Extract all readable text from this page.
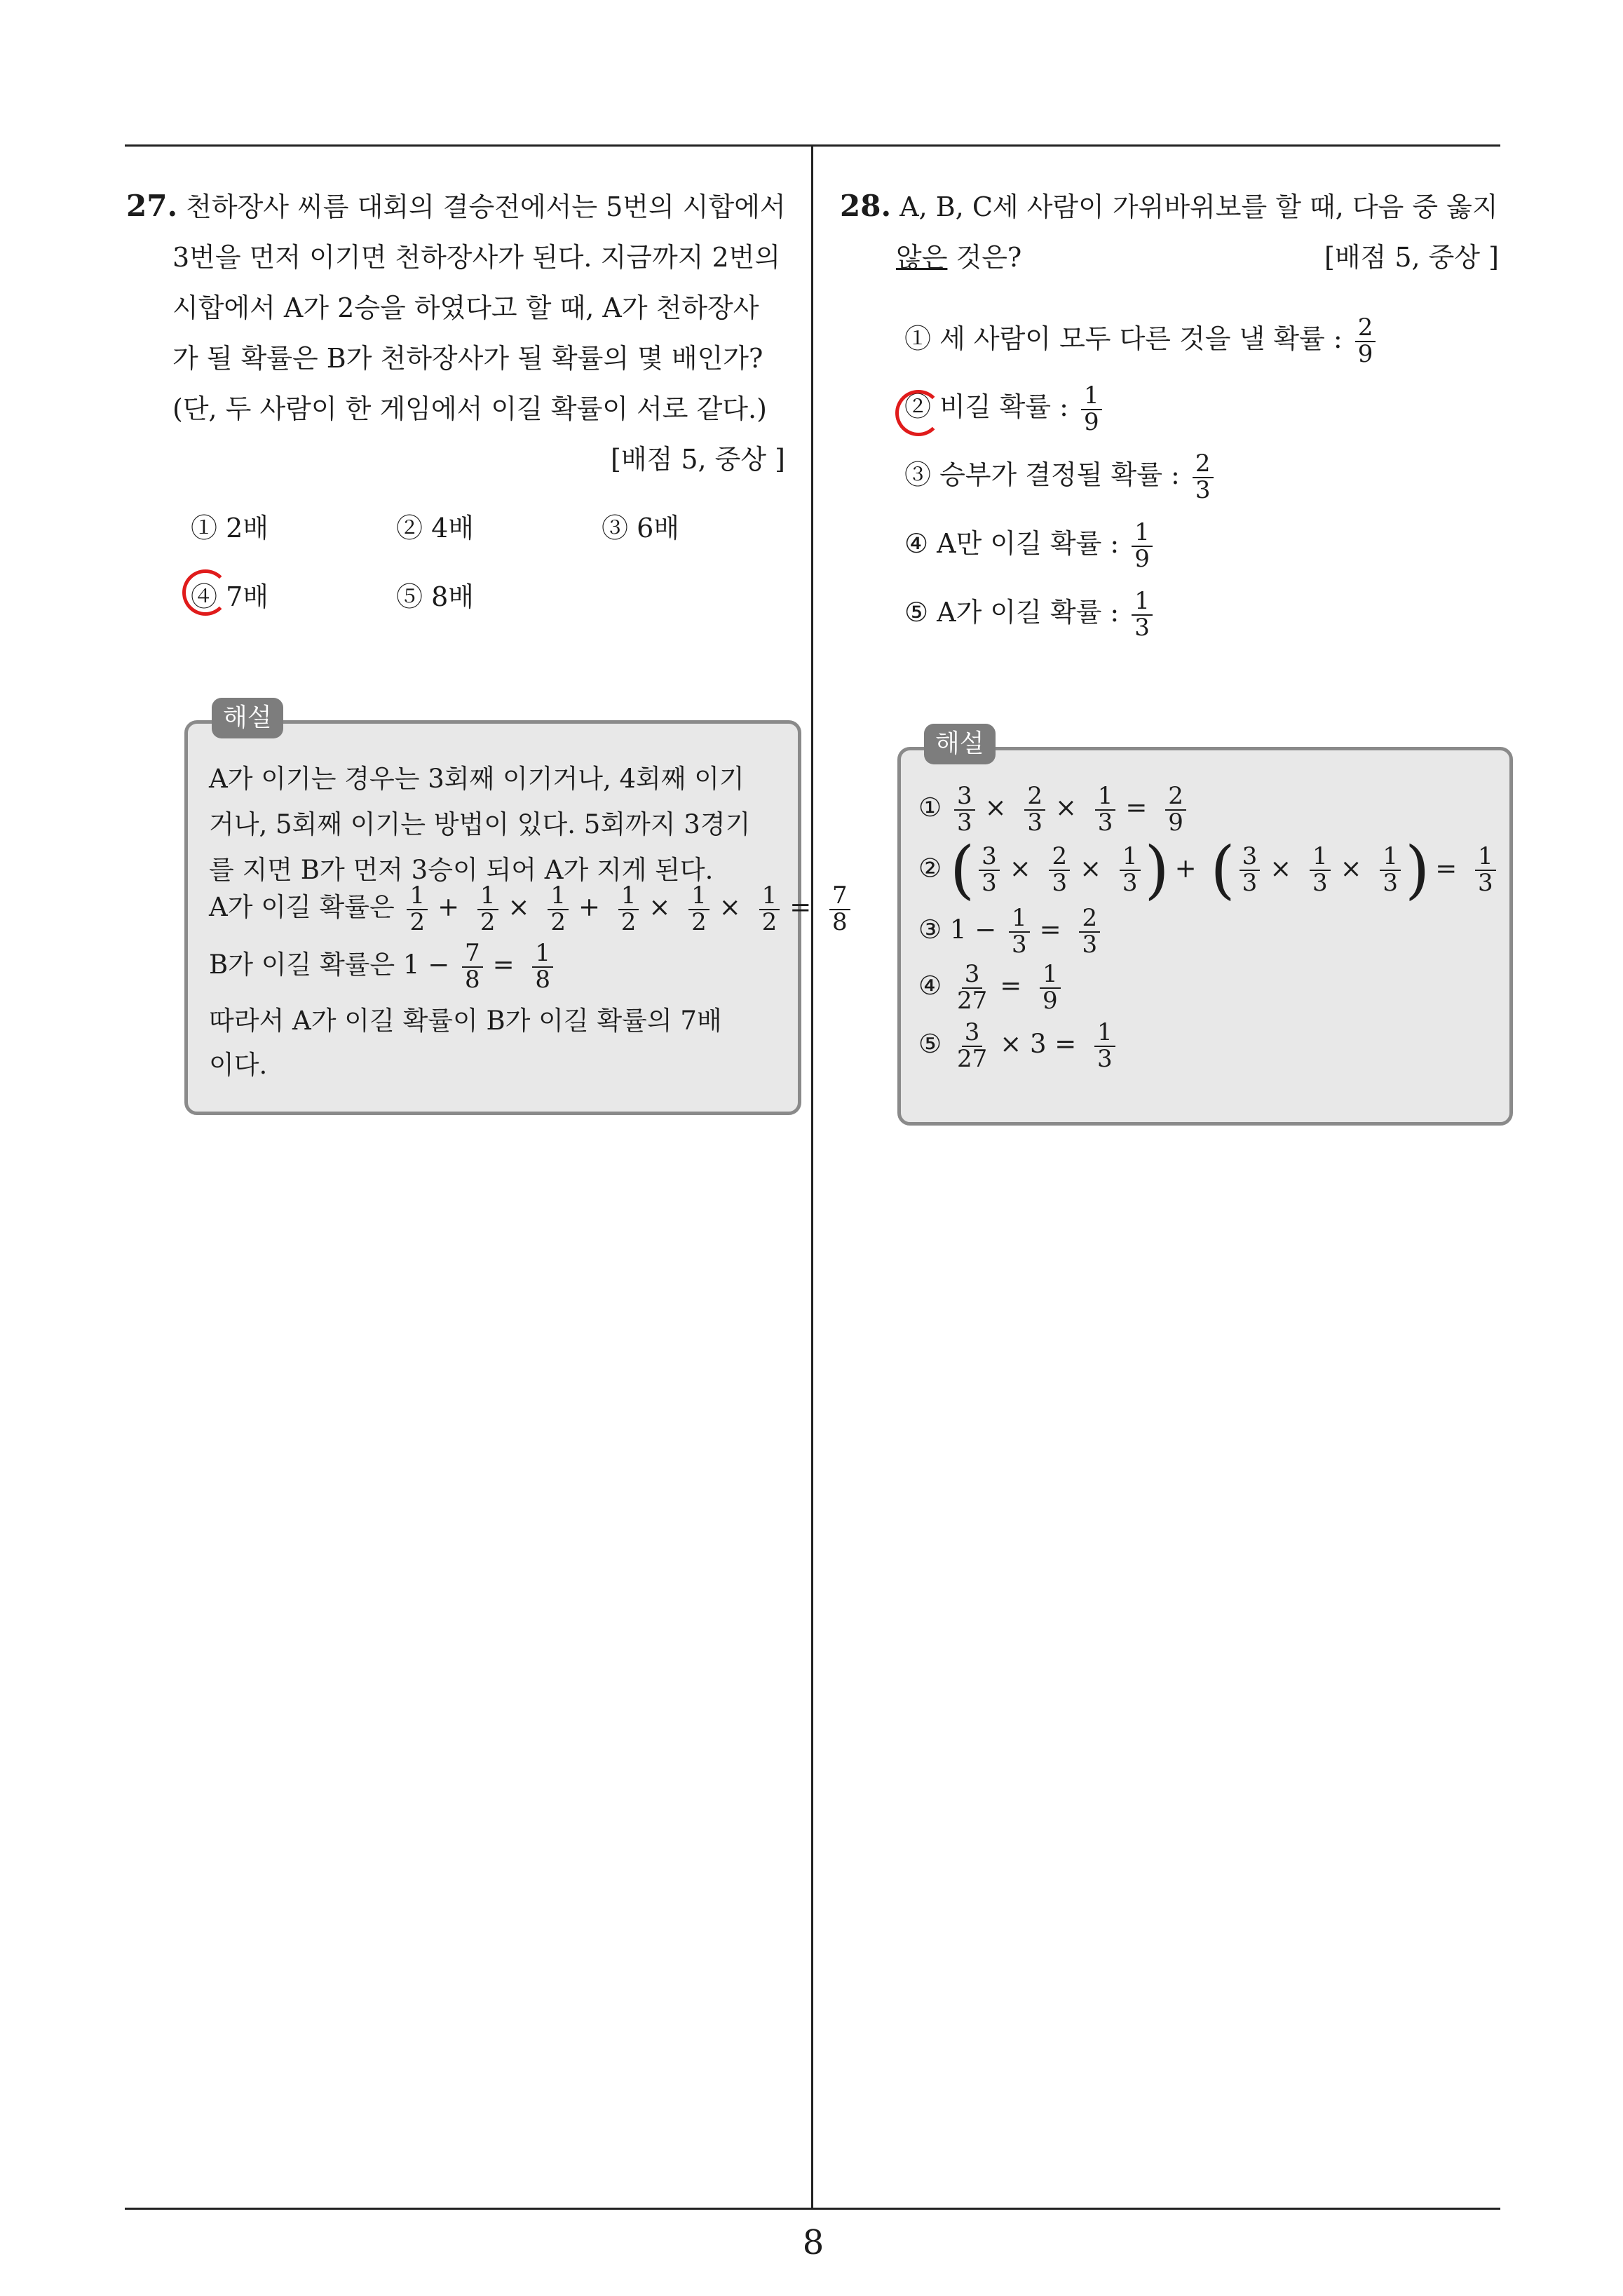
27. 천하장사 씨름 대회의 결승전에서는 5번의 시합에서
3번을 먼저 이기면 천하장사가 된다. 지금까지 2번의
시합에서 A가 2승을 하였다고 할 때, A가 천하장사
가 될 확률은 B가 천하장사가 될 확률의 몇 배인가?
(단, 두 사람이 한 게임에서 이길 확률이 서로 같다.)
[배점 5, 중상 ]
① 2배	② 4배	③ 6배
④ 7배	⑤ 8배
해설
A가 이기는 경우는 3회째 이기거나, 4회째 이기
거나, 5회째 이기는 방법이 있다. 5회까지 3경기
를 지면 B가 먼저 3승이 되어 A가 지게 된다.
A가 이길 확률은 $\frac{1}{2} + \frac{1}{2} \times \frac{1}{2} + \frac{1}{2} \times \frac{1}{2} \times \frac{1}{2} = \frac{7}{8}$
B가 이길 확률은 $1 - \frac{7}{8} = \frac{1}{8}$
따라서 A가 이길 확률이 B가 이길 확률의 7배
이다.
28. A, B, C세 사람이 가위바위보를 할 때, 다음 중 옳지
않은 것은?	[배점 5, 중상 ]
① 세 사람이 모두 다른 것을 낼 확률 : $\frac{2}{9}$
② 비길 확률 : $\frac{1}{9}$
③ 승부가 결정될 확률 : $\frac{2}{3}$
④ A만 이길 확률 : $\frac{1}{9}$
⑤ A가 이길 확률 : $\frac{1}{3}$
해설
① $\frac{3}{3} \times \frac{2}{3} \times \frac{1}{3} = \frac{2}{9}$
② ( $\frac{3}{3} \times \frac{2}{3} \times \frac{1}{3}$ ) + ( $\frac{3}{3} \times \frac{1}{3} \times \frac{1}{3}$ ) = $\frac{1}{3}$
③ $1 - \frac{1}{3} = \frac{2}{3}$
④ $\frac{3}{27} = \frac{1}{9}$
⑤ $\frac{3}{27} \times 3 = \frac{1}{3}$
8
